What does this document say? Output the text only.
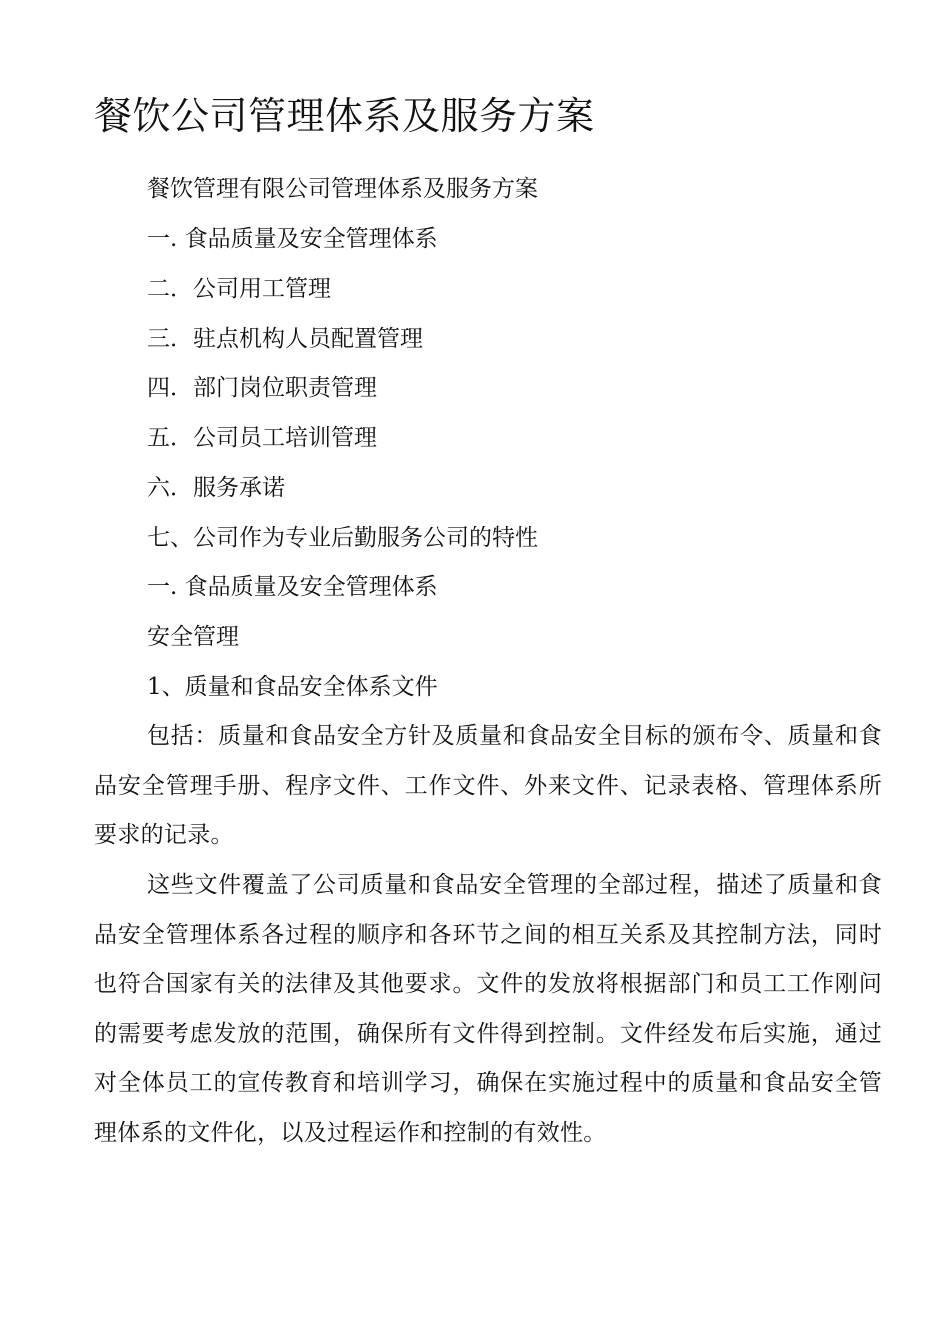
餐饮公司管理体系及服务方案

餐饮管理有限公司管理体系及服务方案

一. 食品质量及安全管理体系

二．公司用工管理

三．驻点机构人员配置管理

四．部门岗位职责管理

五．公司员工培训管理

六．服务承诺

七、公司作为专业后勤服务公司的特性

一. 食品质量及安全管理体系

安全管理

1、质量和食品安全体系文件

包括：质量和食品安全方针及质量和食品安全目标的颁布令、质量和食品安全管理手册、程序文件、工作文件、外来文件、记录表格、管理体系所要求的记录。

这些文件覆盖了公司质量和食品安全管理的全部过程，描述了质量和食品安全管理体系各过程的顺序和各环节之间的相互关系及其控制方法，同时也符合国家有关的法律及其他要求。文件的发放将根据部门和员工工作刚问的需要考虑发放的范围，确保所有文件得到控制。文件经发布后实施，通过对全体员工的宣传教育和培训学习，确保在实施过程中的质量和食品安全管理体系的文件化，以及过程运作和控制的有效性。
